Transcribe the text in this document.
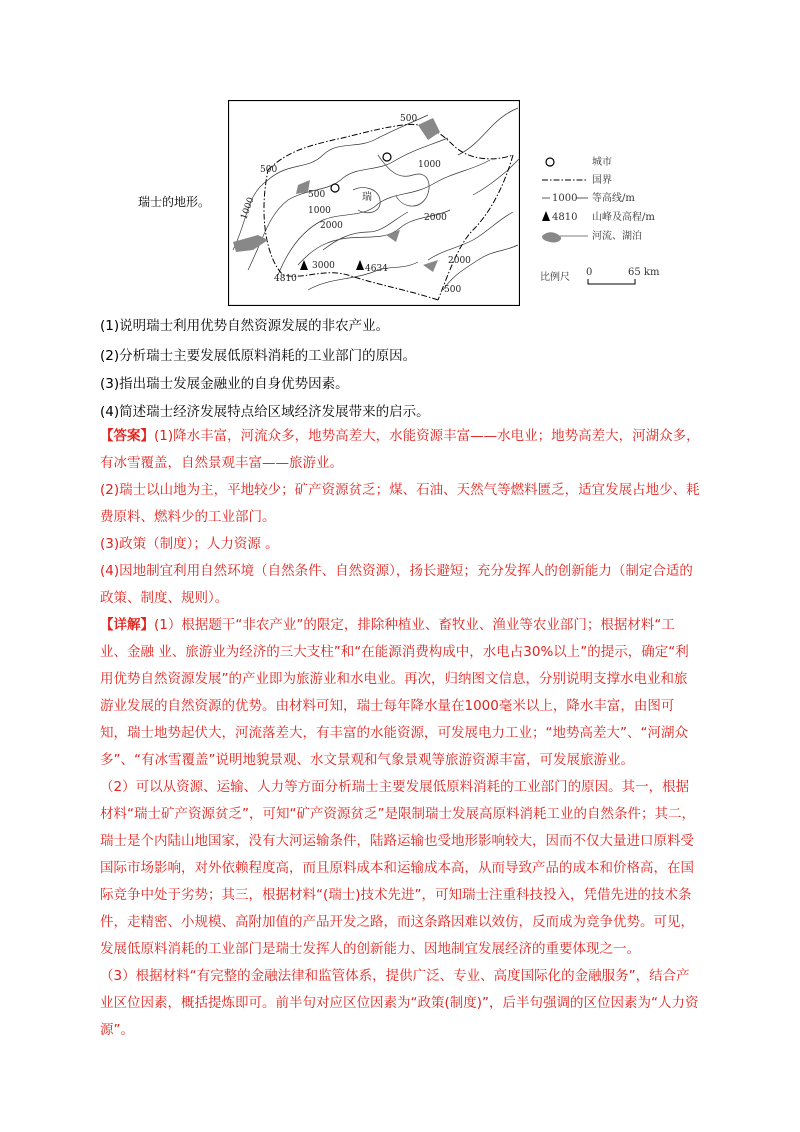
瑞士的地形。
500
1000
500
500
1000
2000
1000	2000
2000
500
瑞
3000
4810
4634
城市
国界
1000 等高线/m
4810 山峰及高程/m
河流、湖泊
比例尺 0	65 km
(1)说明瑞士利用优势自然资源发展的非农产业。
(2)分析瑞士主要发展低原料消耗的工业部门的原因。
(3)指出瑞士发展金融业的自身优势因素。
(4)简述瑞士经济发展特点给区域经济发展带来的启示。

【答案】(1)降水丰富，河流众多，地势高差大，水能资源丰富——水电业；地势高差大，河湖众多，有冰雪覆盖，自然景观丰富——旅游业。

(2)瑞士以山地为主，平地较少；矿产资源贫乏；煤、石油、天然气等燃料匮乏，适宜发展占地少、耗费原料、燃料少的工业部门。

(3)政策（制度）；人力资源 。

(4)因地制宜利用自然环境（自然条件、自然资源），扬长避短；充分发挥人的创新能力（制定合适的政策、制度、规则）。

【详解】(1）根据题干“非农产业”的限定，排除种植业、畜牧业、渔业等农业部门；根据材料“工业、金融 业、旅游业为经济的三大支柱”和“在能源消费构成中，水电占30%以上”的提示，确定“利用优势自然资源发展”的产业即为旅游业和水电业。再次，归纳图文信息，分别说明支撑水电业和旅游业发展的自然资源的优势。由材料可知，瑞士每年降水量在1000毫米以上，降水丰富，由图可知，瑞士地势起伏大，河流落差大，有丰富的水能资源，可发展电力工业；“地势高差大”、“河湖众多”、“有冰雪覆盖”说明地貌景观、水文景观和气象景观等旅游资源丰富，可发展旅游业。

（2）可以从资源、运输、人力等方面分析瑞士主要发展低原料消耗的工业部门的原因。其一，根据材料“瑞士矿产资源贫乏”，可知“矿产资源贫乏”是限制瑞士发展高原料消耗工业的自然条件；其二，瑞士是个内陆山地国家，没有大河运输条件，陆路运输也受地形影响较大，因而不仅大量进口原料受国际市场影响，对外依赖程度高，而且原料成本和运输成本高，从而导致产品的成本和价格高，在国际竞争中处于劣势；其三，根据材料“(瑞士)技术先进”，可知瑞士注重科技投入，凭借先进的技术条件，走精密、小规模、高附加值的产品开发之路，而这条路因难以效仿，反而成为竞争优势。可见，发展低原料消耗的工业部门是瑞士发挥人的创新能力、因地制宜发展经济的重要体现之一。

（3）根据材料“有完整的金融法律和监管体系，提供广泛、专业、高度国际化的金融服务”，结合产业区位因素，概括提炼即可。前半句对应区位因素为“政策(制度)”，后半句强调的区位因素为“人力资源”。
